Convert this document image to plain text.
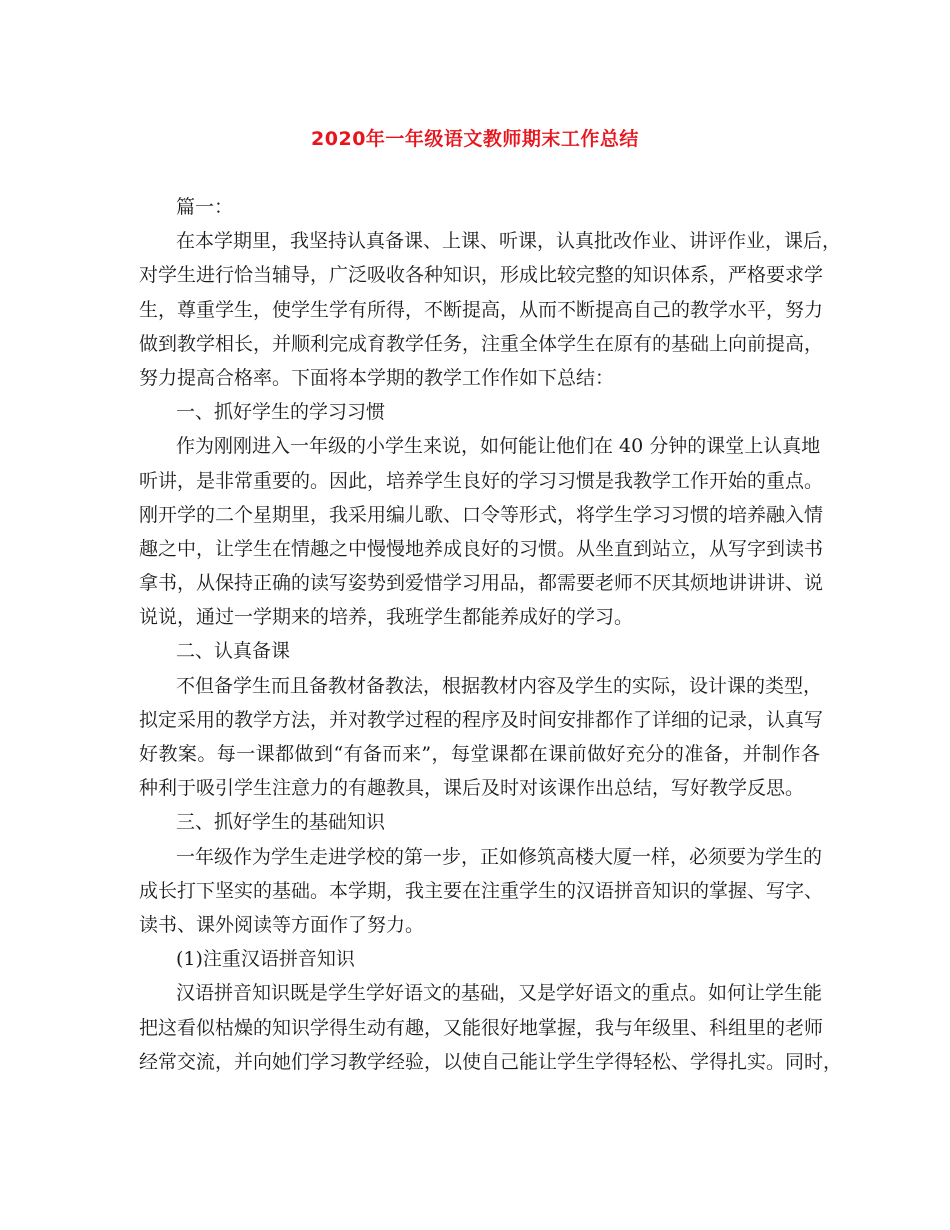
2020年一年级语文教师期末工作总结
篇一：
在本学期里，我坚持认真备课、上课、听课，认真批改作业、讲评作业，课后，
对学生进行恰当辅导，广泛吸收各种知识，形成比较完整的知识体系，严格要求学
生，尊重学生，使学生学有所得，不断提高，从而不断提高自己的教学水平，努力
做到教学相长，并顺利完成育教学任务，注重全体学生在原有的基础上向前提高，
努力提高合格率。下面将本学期的教学工作作如下总结：
一、抓好学生的学习习惯
作为刚刚进入一年级的小学生来说，如何能让他们在 40 分钟的课堂上认真地
听讲，是非常重要的。因此，培养学生良好的学习习惯是我教学工作开始的重点。
刚开学的二个星期里，我采用编儿歌、口令等形式，将学生学习习惯的培养融入情
趣之中，让学生在情趣之中慢慢地养成良好的习惯。从坐直到站立，从写字到读书
拿书，从保持正确的读写姿势到爱惜学习用品，都需要老师不厌其烦地讲讲讲、说
说说，通过一学期来的培养，我班学生都能养成好的学习。
二、认真备课
不但备学生而且备教材备教法，根据教材内容及学生的实际，设计课的类型，
拟定采用的教学方法，并对教学过程的程序及时间安排都作了详细的记录，认真写
好教案。每一课都做到“有备而来”，每堂课都在课前做好充分的准备，并制作各
种利于吸引学生注意力的有趣教具，课后及时对该课作出总结，写好教学反思。
三、抓好学生的基础知识
一年级作为学生走进学校的第一步，正如修筑高楼大厦一样，必须要为学生的
成长打下坚实的基础。本学期，我主要在注重学生的汉语拼音知识的掌握、写字、
读书、课外阅读等方面作了努力。
(1)注重汉语拼音知识
汉语拼音知识既是学生学好语文的基础，又是学好语文的重点。如何让学生能
把这看似枯燥的知识学得生动有趣，又能很好地掌握，我与年级里、科组里的老师
经常交流，并向她们学习教学经验，以使自己能让学生学得轻松、学得扎实。同时，
